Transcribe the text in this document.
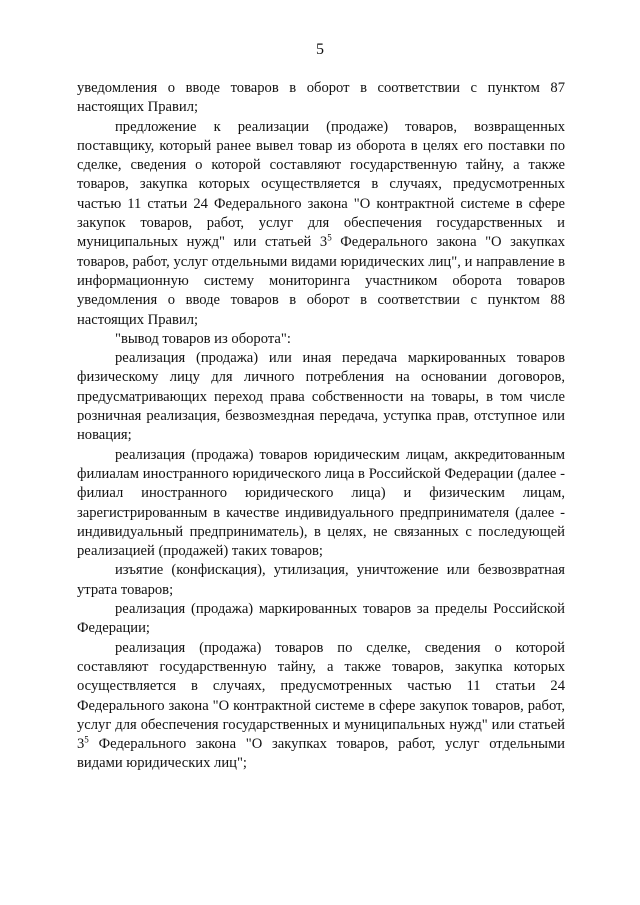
5

уведомления о вводе товаров в оборот в соответствии с пунктом 87 настоящих Правил;

предложение к реализации (продаже) товаров, возвращенных поставщику, который ранее вывел товар из оборота в целях его поставки по сделке, сведения о которой составляют государственную тайну, а также товаров, закупка которых осуществляется в случаях, предусмотренных частью 11 статьи 24 Федерального закона "О контрактной системе в сфере закупок товаров, работ, услуг для обеспечения государственных и муниципальных нужд" или статьей $3^5$ Федерального закона "О закупках товаров, работ, услуг отдельными видами юридических лиц", и направление в информационную систему мониторинга участником оборота товаров уведомления о вводе товаров в оборот в соответствии с пунктом 88 настоящих Правил;

"вывод товаров из оборота":

реализация (продажа) или иная передача маркированных товаров физическому лицу для личного потребления на основании договоров, предусматривающих переход права собственности на товары, в том числе розничная реализация, безвозмездная передача, уступка прав, отступное или новация;

реализация (продажа) товаров юридическим лицам, аккредитованным филиалам иностранного юридического лица в Российской Федерации (далее - филиал иностранного юридического лица) и физическим лицам, зарегистрированным в качестве индивидуального предпринимателя (далее - индивидуальный предприниматель), в целях, не связанных с последующей реализацией (продажей) таких товаров;

изъятие (конфискация), утилизация, уничтожение или безвозвратная утрата товаров;

реализация (продажа) маркированных товаров за пределы Российской Федерации;

реализация (продажа) товаров по сделке, сведения о которой составляют государственную тайну, а также товаров, закупка которых осуществляется в случаях, предусмотренных частью 11 статьи 24 Федерального закона "О контрактной системе в сфере закупок товаров, работ, услуг для обеспечения государственных и муниципальных нужд" или статьей $3^5$ Федерального закона "О закупках товаров, работ, услуг отдельными видами юридических лиц";
